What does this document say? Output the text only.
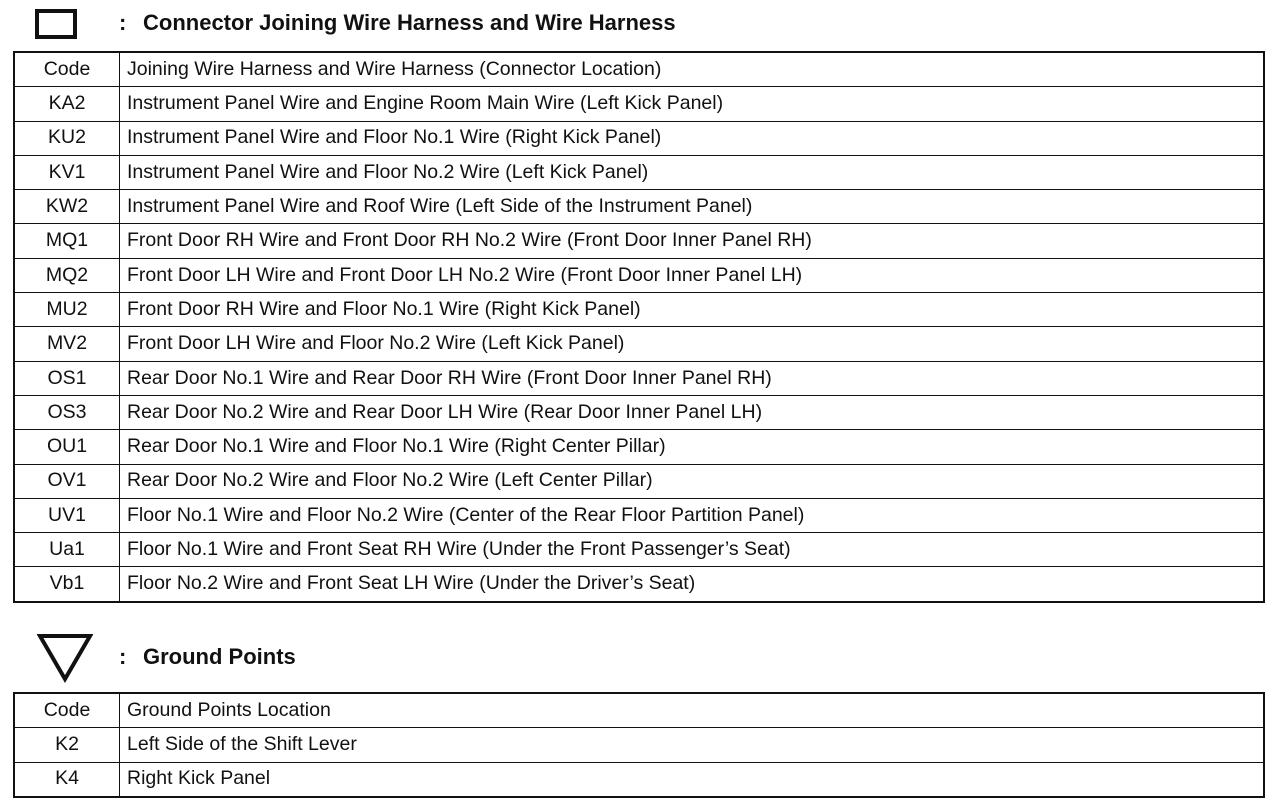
: Connector Joining Wire Harness and Wire Harness
Code	Joining Wire Harness and Wire Harness (Connector Location)
KA2	Instrument Panel Wire and Engine Room Main Wire (Left Kick Panel)
KU2	Instrument Panel Wire and Floor No.1 Wire (Right Kick Panel)
KV1	Instrument Panel Wire and Floor No.2 Wire (Left Kick Panel)
KW2	Instrument Panel Wire and Roof Wire (Left Side of the Instrument Panel)
MQ1	Front Door RH Wire and Front Door RH No.2 Wire (Front Door Inner Panel RH)
MQ2	Front Door LH Wire and Front Door LH No.2 Wire (Front Door Inner Panel LH)
MU2	Front Door RH Wire and Floor No.1 Wire (Right Kick Panel)
MV2	Front Door LH Wire and Floor No.2 Wire (Left Kick Panel)
OS1	Rear Door No.1 Wire and Rear Door RH Wire (Front Door Inner Panel RH)
OS3	Rear Door No.2 Wire and Rear Door LH Wire (Rear Door Inner Panel LH)
OU1	Rear Door No.1 Wire and Floor No.1 Wire (Right Center Pillar)
OV1	Rear Door No.2 Wire and Floor No.2 Wire (Left Center Pillar)
UV1	Floor No.1 Wire and Floor No.2 Wire (Center of the Rear Floor Partition Panel)
Ua1	Floor No.1 Wire and Front Seat RH Wire (Under the Front Passenger’s Seat)
Vb1	Floor No.2 Wire and Front Seat LH Wire (Under the Driver’s Seat)
: Ground Points
Code	Ground Points Location
K2	Left Side of the Shift Lever
K4	Right Kick Panel
